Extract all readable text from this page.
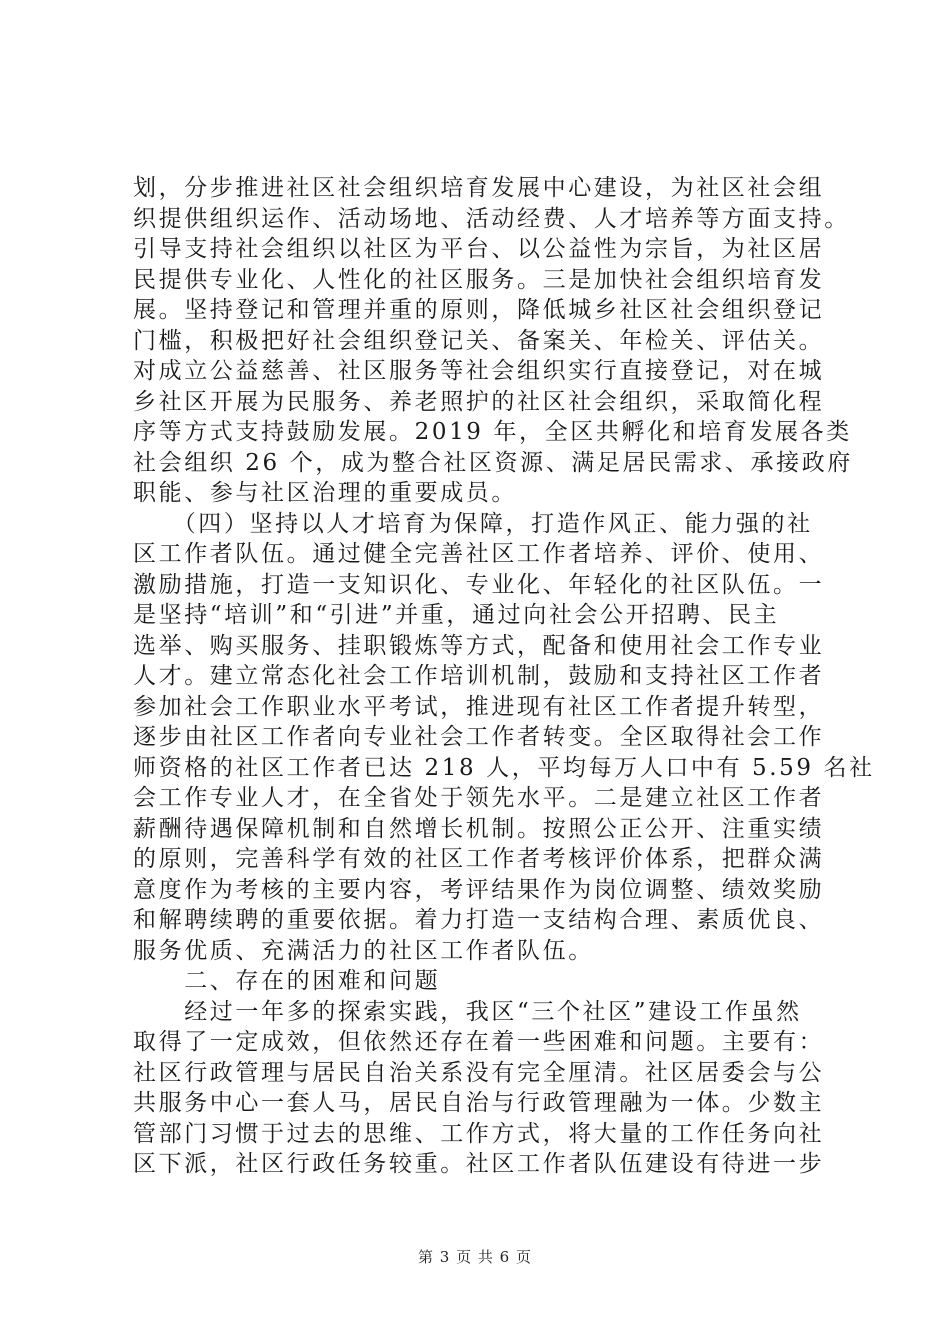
划，分步推进社区社会组织培育发展中心建设，为社区社会组
织提供组织运作、活动场地、活动经费、人才培养等方面支持。
引导支持社会组织以社区为平台、以公益性为宗旨，为社区居
民提供专业化、人性化的社区服务。三是加快社会组织培育发
展。坚持登记和管理并重的原则，降低城乡社区社会组织登记
门槛，积极把好社会组织登记关、备案关、年检关、评估关。
对成立公益慈善、社区服务等社会组织实行直接登记，对在城
乡社区开展为民服务、养老照护的社区社会组织，采取简化程
序等方式支持鼓励发展。2019 年，全区共孵化和培育发展各类
社会组织 26 个，成为整合社区资源、满足居民需求、承接政府
职能、参与社区治理的重要成员。
　　（四）坚持以人才培育为保障，打造作风正、能力强的社
区工作者队伍。通过健全完善社区工作者培养、评价、使用、
激励措施，打造一支知识化、专业化、年轻化的社区队伍。一
是坚持“培训”和“引进”并重，通过向社会公开招聘、民主
选举、购买服务、挂职锻炼等方式，配备和使用社会工作专业
人才。建立常态化社会工作培训机制，鼓励和支持社区工作者
参加社会工作职业水平考试，推进现有社区工作者提升转型，
逐步由社区工作者向专业社会工作者转变。全区取得社会工作
师资格的社区工作者已达 218 人，平均每万人口中有 5.59 名社
会工作专业人才，在全省处于领先水平。二是建立社区工作者
薪酬待遇保障机制和自然增长机制。按照公正公开、注重实绩
的原则，完善科学有效的社区工作者考核评价体系，把群众满
意度作为考核的主要内容，考评结果作为岗位调整、绩效奖励
和解聘续聘的重要依据。着力打造一支结构合理、素质优良、
服务优质、充满活力的社区工作者队伍。
　　二、存在的困难和问题
　　经过一年多的探索实践，我区“三个社区”建设工作虽然
取得了一定成效，但依然还存在着一些困难和问题。主要有：
社区行政管理与居民自治关系没有完全厘清。社区居委会与公
共服务中心一套人马，居民自治与行政管理融为一体。少数主
管部门习惯于过去的思维、工作方式，将大量的工作任务向社
区下派，社区行政任务较重。社区工作者队伍建设有待进一步
第 3 页 共 6 页
